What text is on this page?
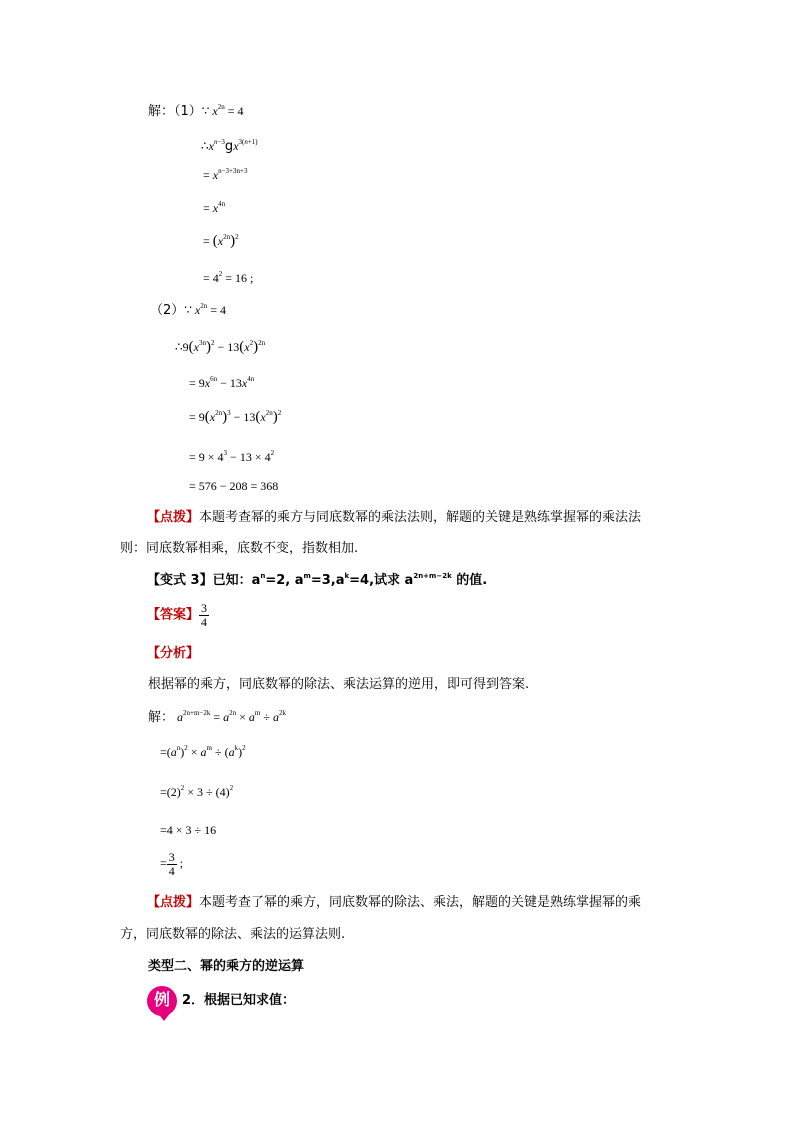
解：（1）∵ $x^{2n} = 4$
$\therefore x^{n-3}gx^{3(n+1)}$
= $x^{n-3+3n+3}$
= $x^{4n}$
= $(x^{2n})^2$
= $4^2 = 16$ ;
（2）∵ $x^{2n} = 4$
$\therefore 9(x^{3n})^2 - 13(x^2)^{2n}$
= $9x^{6n} - 13x^{4n}$
= $9(x^{2n})^3 - 13(x^{2n})^2$
= $9 \times 4^3 - 13 \times 4^2$
= 576 − 208 = 368
【点拨】本题考查幂的乘方与同底数幂的乘法法则，解题的关键是熟练掌握幂的乘法法
则：同底数幂相乘，底数不变，指数相加.
【变式 3】已知：$a^n=2$, $a^m=3,a^k=4$,试求 $a^{2n+m-2k}$ 的值.
【答案】 $\frac{3}{4}$
【分析】
根据幂的乘方，同底数幂的除法、乘法运算的逆用，即可得到答案.
解： $a^{2n+m-2k} = a^{2n} \times a^m \div a^{2k}$
$=(a^n)^2 \times a^m \div (a^k)^2$
$=(2)^2 \times 3 \div (4)^2$
=4 × 3 ÷ 16
= $\frac{3}{4}$ ;
【点拨】本题考查了幂的乘方，同底数幂的除法、乘法，解题的关键是熟练掌握幂的乘
方，同底数幂的除法、乘法的运算法则.
类型二、幂的乘方的逆运算
例 2．根据已知求值：
